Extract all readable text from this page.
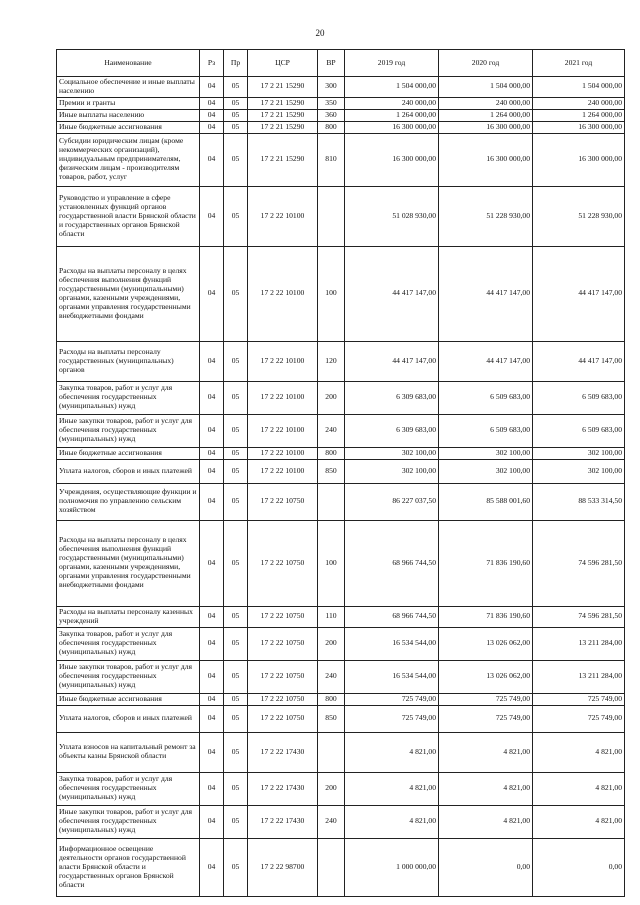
20
Наименование	Рз	Пр	ЦСР	ВР	2019 год	2020 год	2021 год
Социальное обеспечение и иные выплаты населению	04	05	17 2 21 15290	300	1 504 000,00	1 504 000,00	1 504 000,00
Премии и гранты	04	05	17 2 21 15290	350	240 000,00	240 000,00	240 000,00
Иные выплаты населению	04	05	17 2 21 15290	360	1 264 000,00	1 264 000,00	1 264 000,00
Иные бюджетные ассигнования	04	05	17 2 21 15290	800	16 300 000,00	16 300 000,00	16 300 000,00
Субсидии юридическим лицам (кроме некоммерческих организаций), индивидуальным предпринимателям, физическим лицам - производителям товаров, работ, услуг	04	05	17 2 21 15290	810	16 300 000,00	16 300 000,00	16 300 000,00
Руководство и управление в сфере установленных функций органов государственной власти Брянской области и государственных органов Брянской области	04	05	17 2 22 10100		51 028 930,00	51 228 930,00	51 228 930,00
Расходы на выплаты персоналу в целях обеспечения выполнения функций государственными (муниципальными) органами, казенными учреждениями, органами управления государственными внебюджетными фондами	04	05	17 2 22 10100	100	44 417 147,00	44 417 147,00	44 417 147,00
Расходы на выплаты персоналу государственных (муниципальных) органов	04	05	17 2 22 10100	120	44 417 147,00	44 417 147,00	44 417 147,00
Закупка товаров, работ и услуг для обеспечения государственных (муниципальных) нужд	04	05	17 2 22 10100	200	6 309 683,00	6 509 683,00	6 509 683,00
Иные закупки товаров, работ и услуг для обеспечения государственных (муниципальных) нужд	04	05	17 2 22 10100	240	6 309 683,00	6 509 683,00	6 509 683,00
Иные бюджетные ассигнования	04	05	17 2 22 10100	800	302 100,00	302 100,00	302 100,00
Уплата налогов, сборов и иных платежей	04	05	17 2 22 10100	850	302 100,00	302 100,00	302 100,00
Учреждения, осуществляющие функции и полномочия по управлению сельским хозяйством	04	05	17 2 22 10750		86 227 037,50	85 588 001,60	88 533 314,50
Расходы на выплаты персоналу в целях обеспечения выполнения функций государственными (муниципальными) органами, казенными учреждениями, органами управления государственными внебюджетными фондами	04	05	17 2 22 10750	100	68 966 744,50	71 836 190,60	74 596 281,50
Расходы на выплаты персоналу казенных учреждений	04	05	17 2 22 10750	110	68 966 744,50	71 836 190,60	74 596 281,50
Закупка товаров, работ и услуг для обеспечения государственных (муниципальных) нужд	04	05	17 2 22 10750	200	16 534 544,00	13 026 062,00	13 211 284,00
Иные закупки товаров, работ и услуг для обеспечения государственных (муниципальных) нужд	04	05	17 2 22 10750	240	16 534 544,00	13 026 062,00	13 211 284,00
Иные бюджетные ассигнования	04	05	17 2 22 10750	800	725 749,00	725 749,00	725 749,00
Уплата налогов, сборов и иных платежей	04	05	17 2 22 10750	850	725 749,00	725 749,00	725 749,00
Уплата взносов на капитальный ремонт за объекты казны Брянской области	04	05	17 2 22 17430		4 821,00	4 821,00	4 821,00
Закупка товаров, работ и услуг для обеспечения государственных (муниципальных) нужд	04	05	17 2 22 17430	200	4 821,00	4 821,00	4 821,00
Иные закупки товаров, работ и услуг для обеспечения государственных (муниципальных) нужд	04	05	17 2 22 17430	240	4 821,00	4 821,00	4 821,00
Информационное освещение деятельности органов государственной власти Брянской области и государственных органов Брянской области	04	05	17 2 22 98700		1 000 000,00	0,00	0,00
